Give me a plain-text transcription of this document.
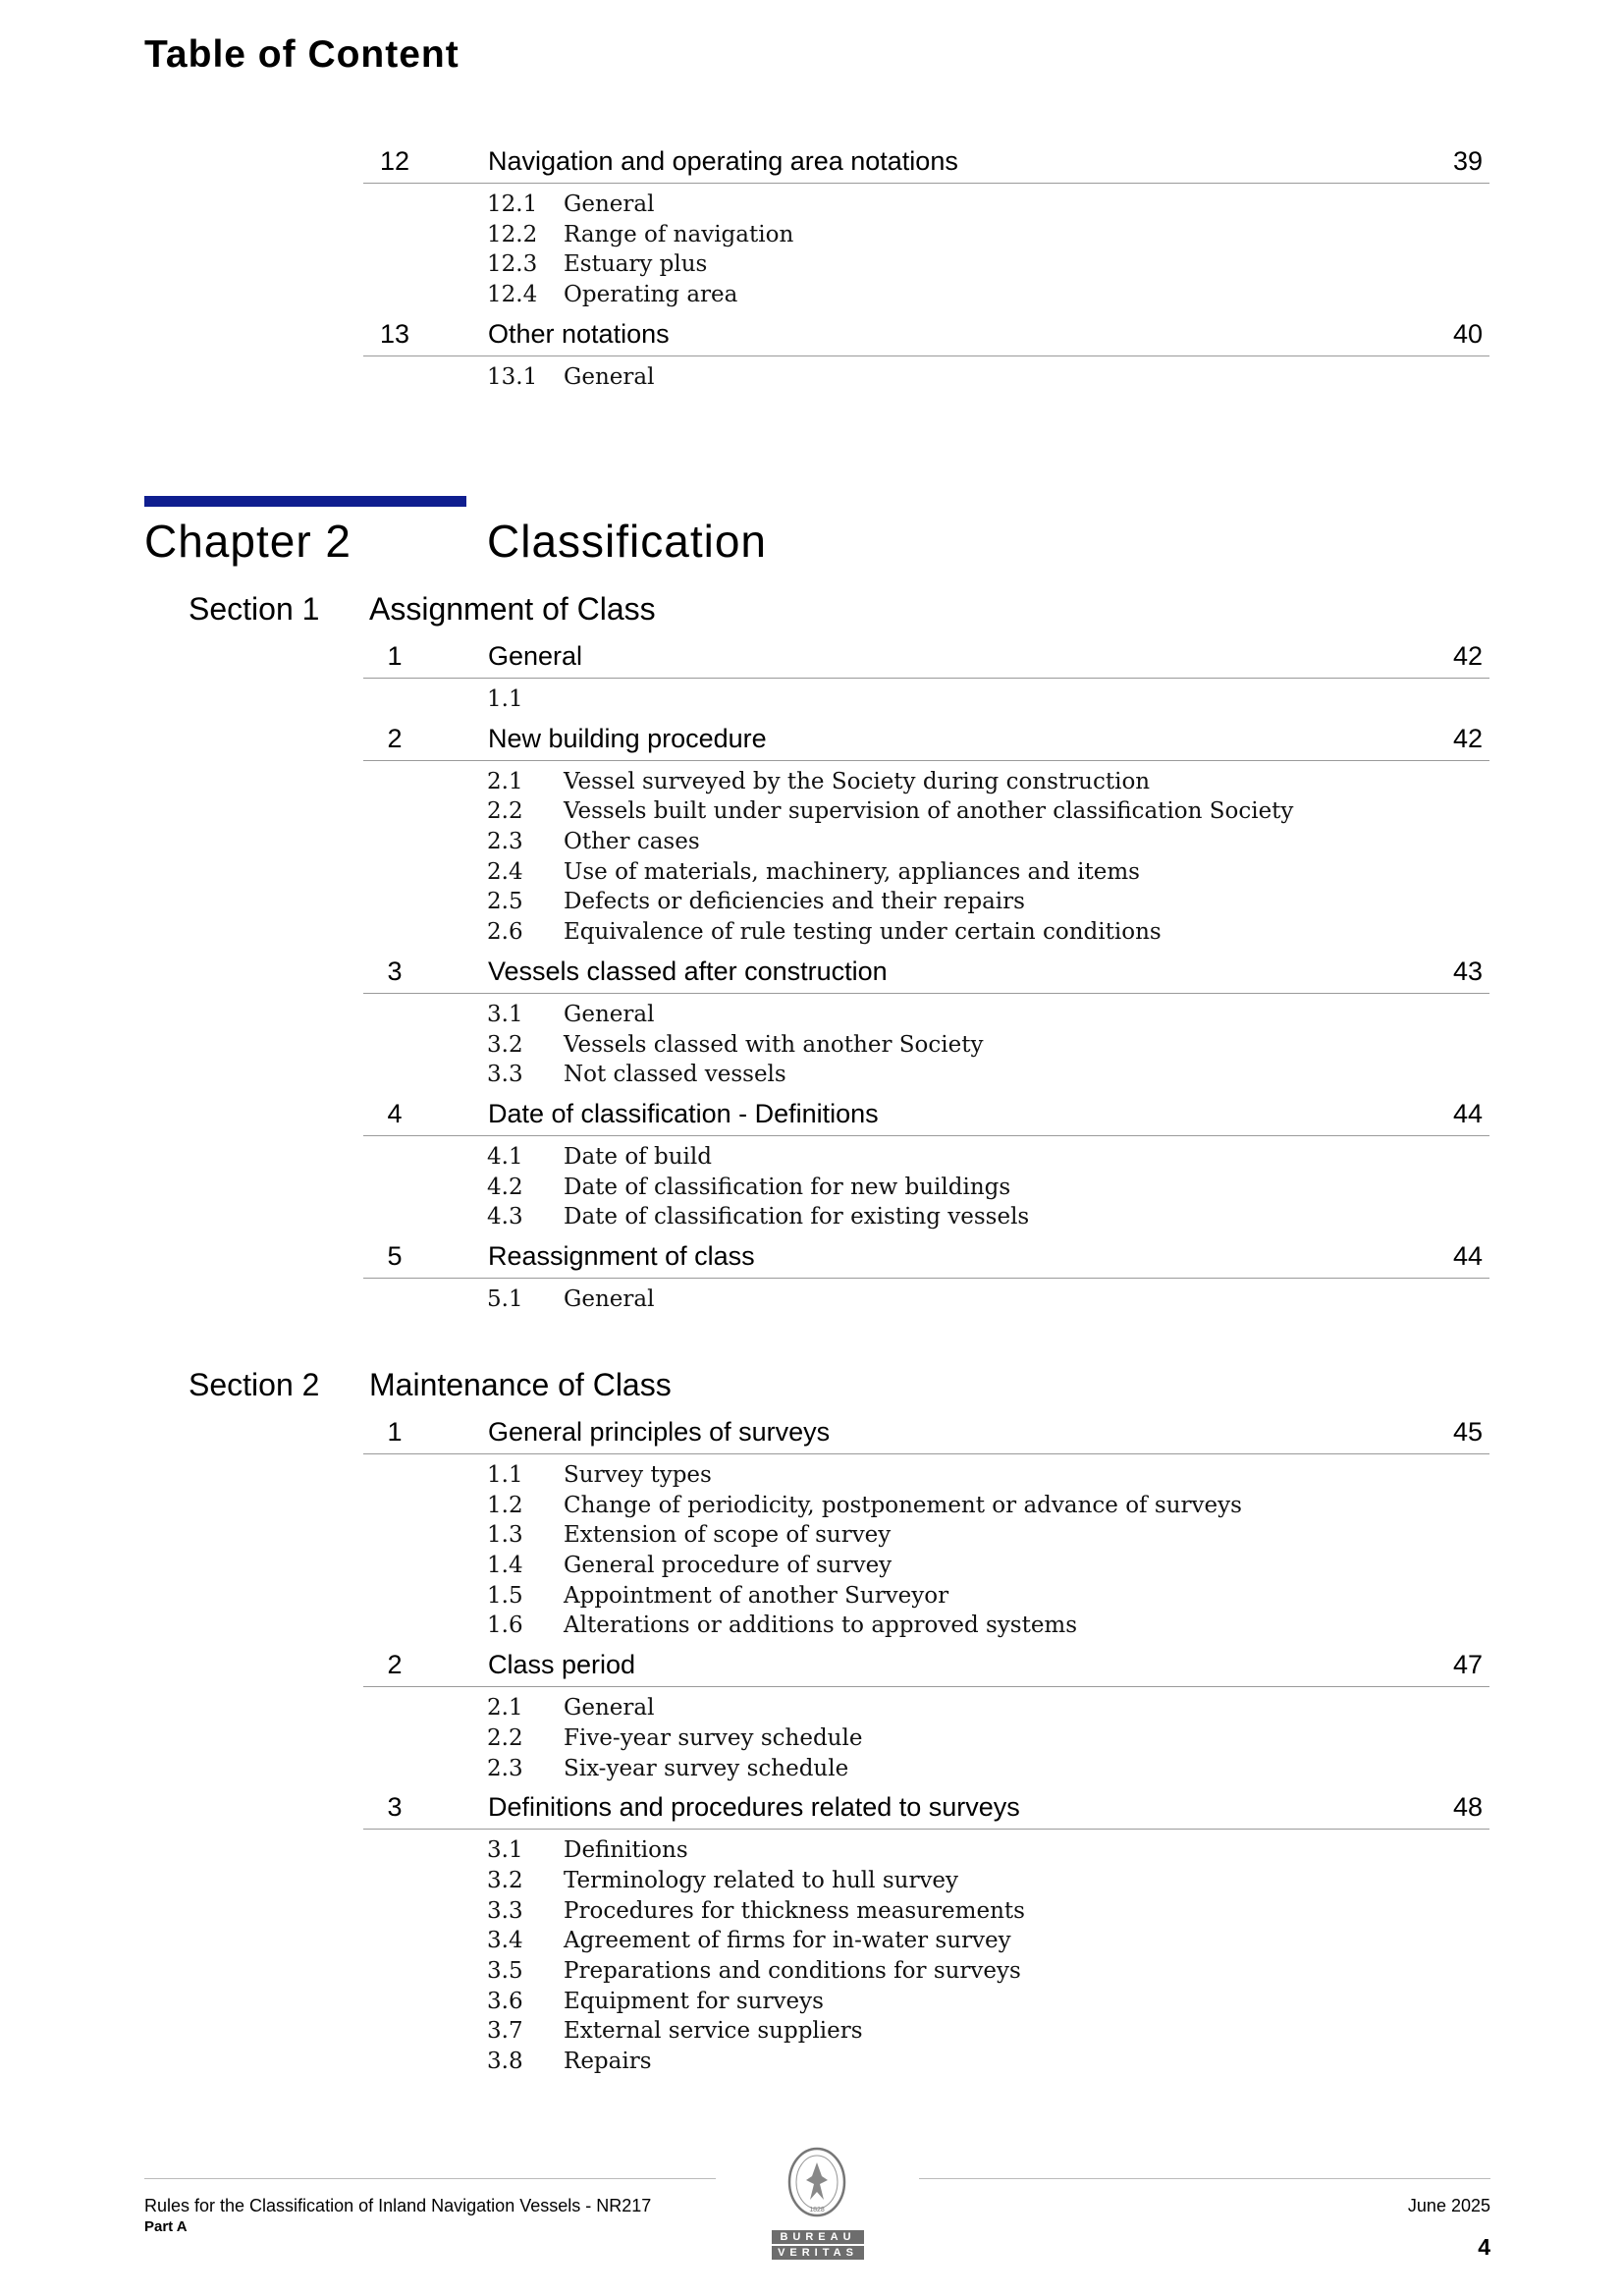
Table of Content
12	Navigation and operating area notations	39
12.1 General
12.2 Range of navigation
12.3 Estuary plus
12.4 Operating area
13	Other notations	40
13.1 General
Chapter 2	Classification
Section 1 Assignment of Class
1	General	42
1.1
2	New building procedure	42
2.1 Vessel surveyed by the Society during construction
2.2 Vessels built under supervision of another classification Society
2.3 Other cases
2.4 Use of materials, machinery, appliances and items
2.5 Defects or deficiencies and their repairs
2.6 Equivalence of rule testing under certain conditions
3	Vessels classed after construction	43
3.1 General
3.2 Vessels classed with another Society
3.3 Not classed vessels
4	Date of classification - Definitions	44
4.1 Date of build
4.2 Date of classification for new buildings
4.3 Date of classification for existing vessels
5	Reassignment of class	44
5.1 General
Section 2 Maintenance of Class
1	General principles of surveys	45
1.1 Survey types
1.2 Change of periodicity, postponement or advance of surveys
1.3 Extension of scope of survey
1.4 General procedure of survey
1.5 Appointment of another Surveyor
1.6 Alterations or additions to approved systems
2	Class period	47
2.1 General
2.2 Five-year survey schedule
2.3 Six-year survey schedule
3	Definitions and procedures related to surveys	48
3.1 Definitions
3.2 Terminology related to hull survey
3.3 Procedures for thickness measurements
3.4 Agreement of firms for in-water survey
3.5 Preparations and conditions for surveys
3.6 Equipment for surveys
3.7 External service suppliers
3.8 Repairs
Rules for the Classification of Inland Navigation Vessels - NR217
Part A
June 2025
4
1828
BUREAU
VERITAS
